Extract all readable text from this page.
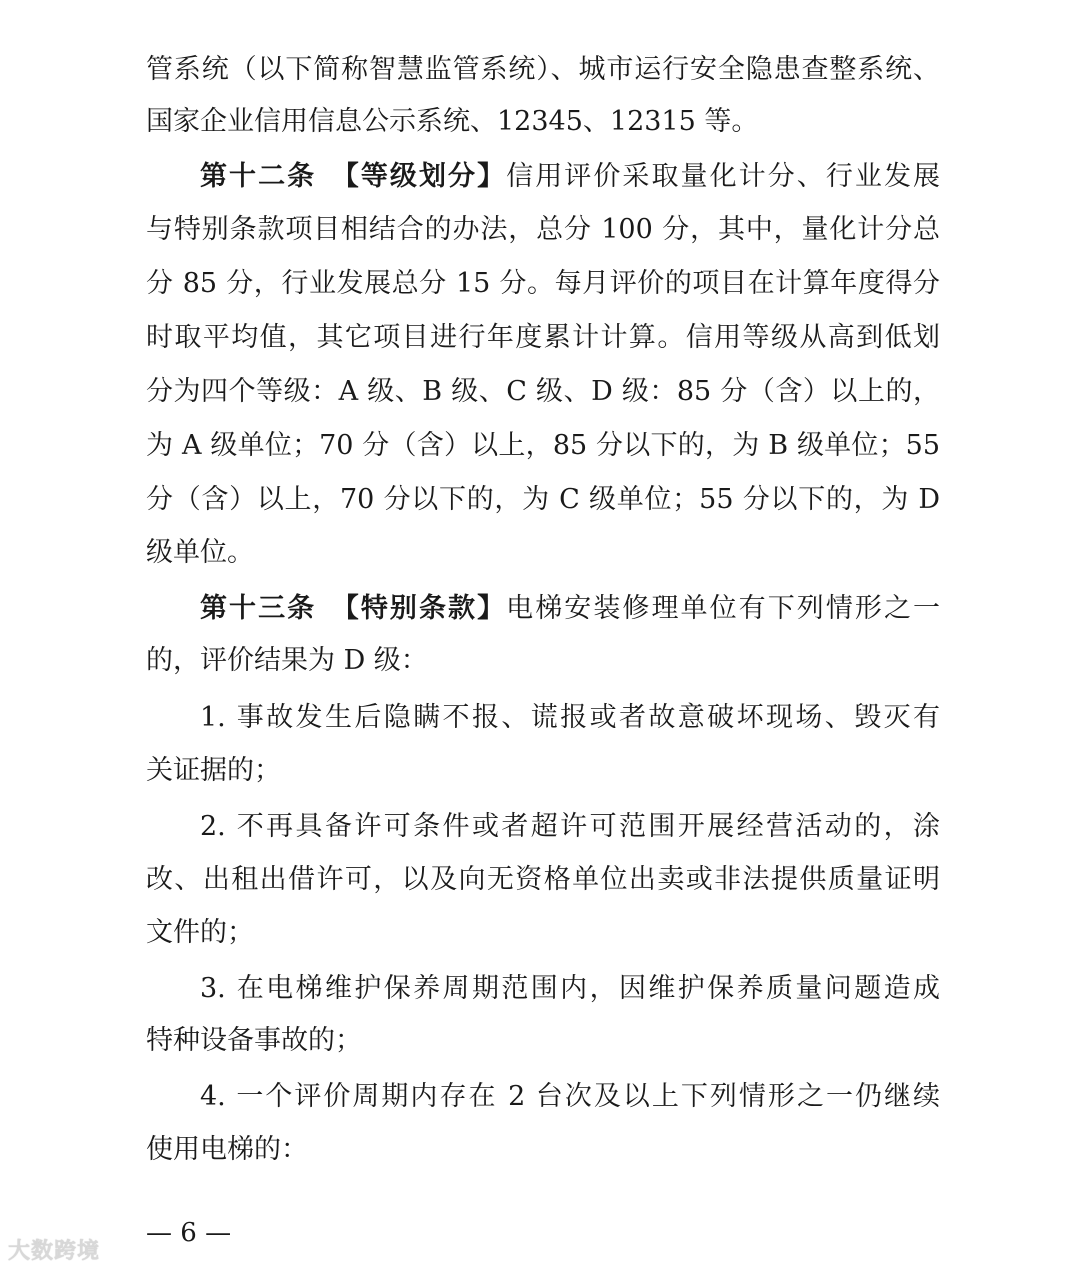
管系统（以下简称智慧监管系统）、城市运行安全隐患查整系统、
国家企业信用信息公示系统、12345、12315 等。
第十二条　【等级划分】信用评价采取量化计分、行业发展
与特别条款项目相结合的办法，总分 100 分，其中，量化计分总
分 85 分，行业发展总分 15 分。每月评价的项目在计算年度得分
时取平均值，其它项目进行年度累计计算。信用等级从高到低划
分为四个等级：A 级、B 级、C 级、D 级：85 分（含）以上的，
为 A 级单位；70 分（含）以上，85 分以下的，为 B 级单位；55
分（含）以上，70 分以下的，为 C 级单位；55 分以下的，为 D
级单位。
第十三条　【特别条款】电梯安装修理单位有下列情形之一
的，评价结果为 D 级：
1. 事故发生后隐瞒不报、谎报或者故意破坏现场、毁灭有
关证据的；
2. 不再具备许可条件或者超许可范围开展经营活动的，涂
改、出租出借许可，以及向无资格单位出卖或非法提供质量证明
文件的；
3. 在电梯维护保养周期范围内，因维护保养质量问题造成
特种设备事故的；
4. 一个评价周期内存在 2 台次及以上下列情形之一仍继续
使用电梯的：
— 6 —
大数跨境
